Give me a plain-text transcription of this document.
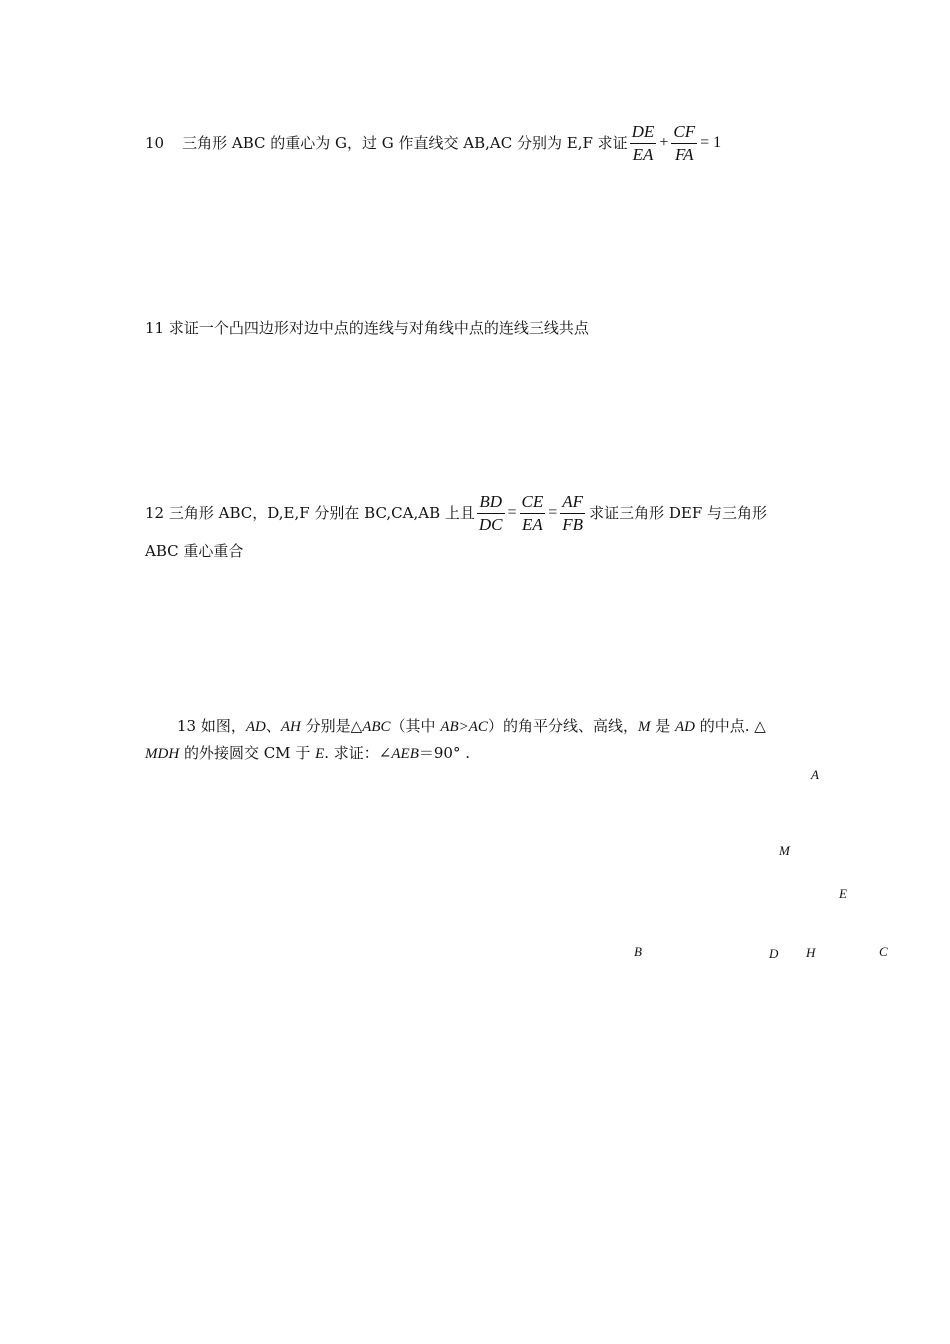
10 三角形 ABC 的重心为 G，过 G 作直线交 AB,AC 分别为 E,F 求证 $\frac{DE}{EA} + \frac{CF}{FA} = 1$
11 求证一个凸四边形对边中点的连线与对角线中点的连线三线共点
12 三角形 ABC，D,E,F 分别在 BC,CA,AB 上且 $\frac{BD}{DC} = \frac{CE}{EA} = \frac{AF}{FB}$ 求证三角形 DEF 与三角形
ABC 重心重合
13 如图，AD、AH 分别是△ABC（其中 AB>AC）的角平分线、高线，M 是 AD 的中点. △
MDH 的外接圆交 CM 于 E. 求证：∠AEB＝90° .
A
M
E
B	D H	C
